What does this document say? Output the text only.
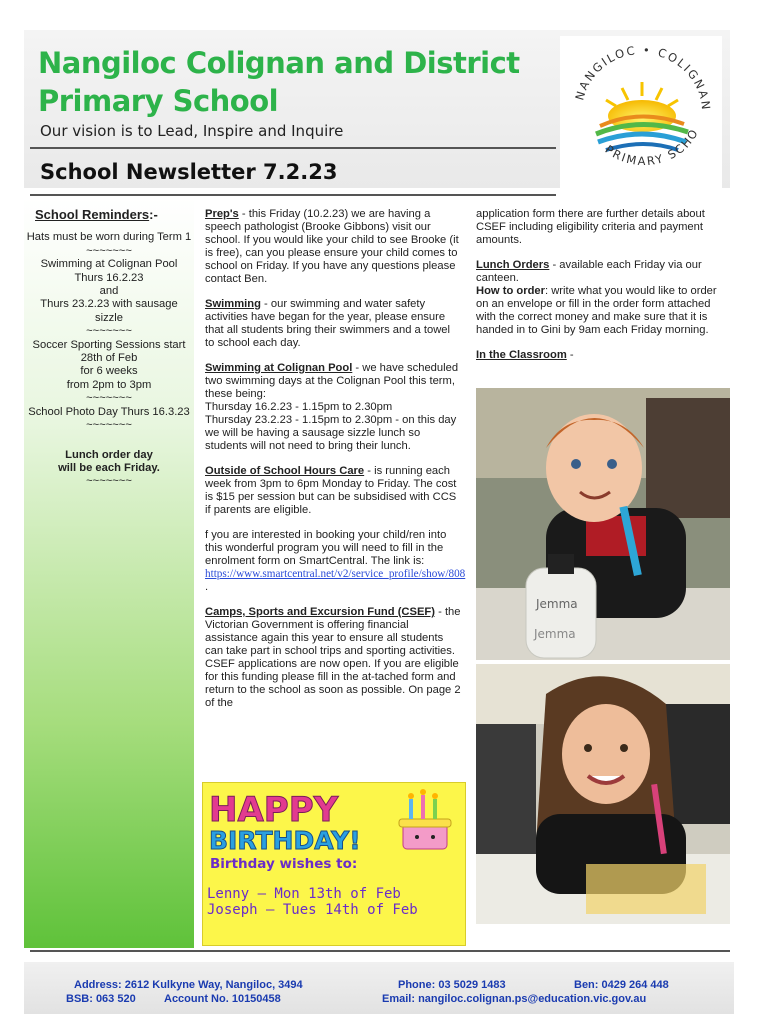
Nangiloc Colignan and District Primary School
Our vision is to Lead, Inspire and Inquire
School Newsletter 7.2.23
NANGILOC • COLIGNAN
PRIMARY SCHO
School Reminders:-
Hats must be worn during Term 1
~~~~~~~
Swimming at Colignan Pool Thurs 16.2.23
and
Thurs 23.2.23 with sausage sizzle
~~~~~~~
Soccer Sporting Sessions start 28th of Feb
for 6 weeks
from 2pm to 3pm
~~~~~~~
School Photo Day Thurs 16.3.23
~~~~~~~
Lunch order day will be each Friday.
~~~~~~~

Prep's - this Friday (10.2.23) we are having a speech pathologist (Brooke Gibbons) visit our school. If you would like your child to see Brooke (it is free), can you please ensure your child comes to school on Friday. If you have any questions please contact Ben.

Swimming - our swimming and water safety activities have began for the year, please ensure that all students bring their swimmers and a towel to school each day.

Swimming at Colignan Pool - we have scheduled two swimming days at the Colignan Pool this term, these being:
Thursday 16.2.23 - 1.15pm to 2.30pm
Thursday 23.2.23 - 1.15pm to 2.30pm - on this day we will be having a sausage sizzle lunch so students will not need to bring their lunch.

Outside of School Hours Care - is running each week from 3pm to 6pm Monday to Friday. The cost is $15 per session but can be subsidised with CCS if parents are eligible.

f you are interested in booking your child/ren into this wonderful program you will need to fill in the enrolment form on SmartCentral. The link is: https://www.smartcentral.net/v2/service_profile/show/808 .

Camps, Sports and Excursion Fund (CSEF) - the Victorian Government is offering financial assistance again this year to ensure all students can take part in school trips and sporting activities. CSEF applications are now open. If you are eligible for this funding please fill in the at-tached form and return to the school as soon as possible. On page 2 of the

application form there are further details about CSEF including eligibility criteria and payment amounts.

Lunch Orders - available each Friday via our canteen.

How to order: write what you would like to order on an envelope or fill in the order form attached with the correct money and make sure that it is handed in to Gini by 9am each Friday morning.

In the Classroom -

Jemma
Jemma
HAPPY
BIRTHDAY!
Birthday wishes to:
Lenny – Mon 13th of Feb
Joseph – Tues 14th of Feb
Address: 2612 Kulkyne Way, Nangiloc, 3494
BSB: 063 520	Account No. 10150458
Phone: 03 5029 1483	Ben: 0429 264 448
Email: nangiloc.colignan.ps@education.vic.gov.au
